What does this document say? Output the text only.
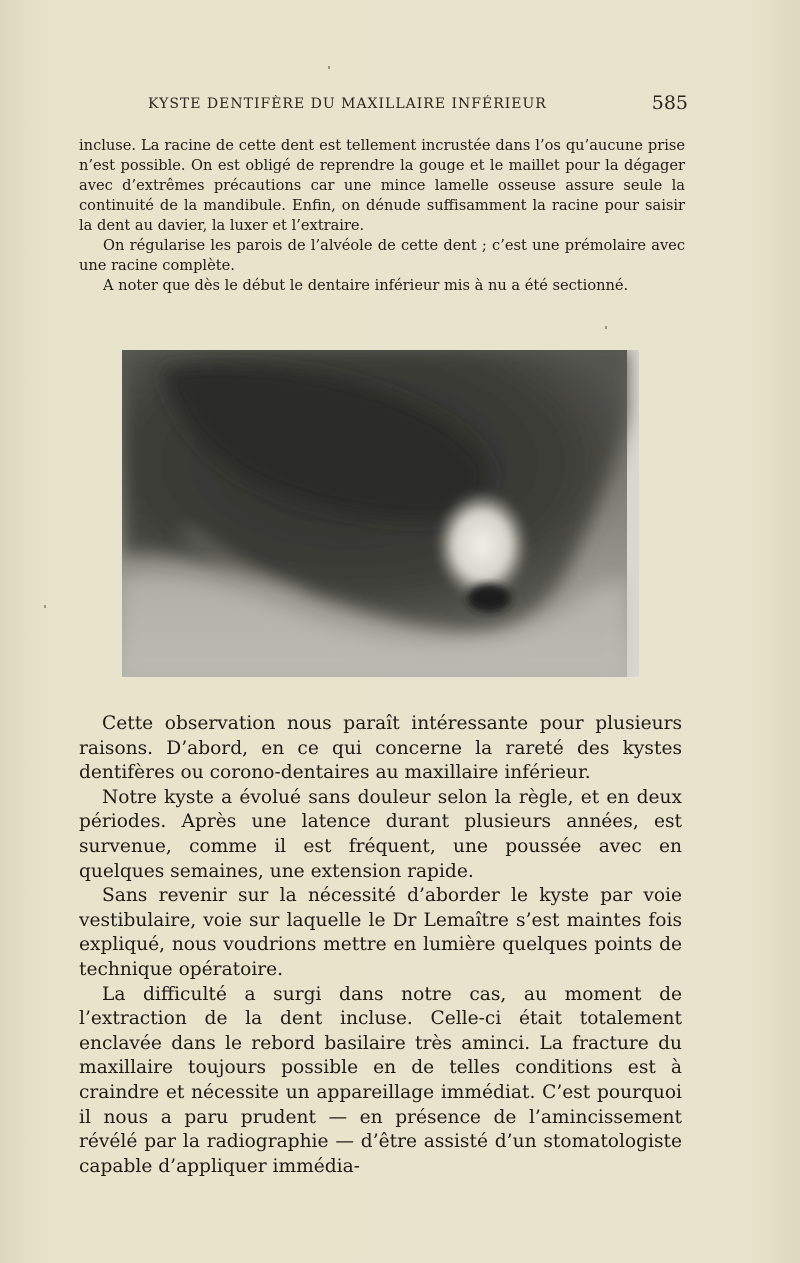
KYSTE DENTIFÈRE DU MAXILLAIRE INFÉRIEUR	585

incluse. La racine de cette dent est tellement incrustée dans l’os qu’aucune prise n’est possible. On est obligé de reprendre la gouge et le maillet pour la dégager avec d’extrêmes précautions car une mince lamelle osseuse assure seule la continuité de la mandibule. Enfin, on dénude suffisamment la racine pour saisir la dent au davier, la luxer et l’extraire.

On régularise les parois de l’alvéole de cette dent ; c’est une prémolaire avec une racine complète.

A noter que dès le début le dentaire inférieur mis à nu a été sectionné.

Cette observation nous paraît intéressante pour plusieurs raisons. D’abord, en ce qui concerne la rareté des kystes dentifères ou corono-dentaires au maxillaire inférieur.

Notre kyste a évolué sans douleur selon la règle, et en deux périodes. Après une latence durant plusieurs années, est survenue, comme il est fréquent, une poussée avec en quelques semaines, une extension rapide.

Sans revenir sur la nécessité d’aborder le kyste par voie vestibulaire, voie sur laquelle le Dr Lemaître s’est maintes fois expliqué, nous voudrions mettre en lumière quelques points de technique opératoire.

La difficulté a surgi dans notre cas, au moment de l’extraction de la dent incluse. Celle-ci était totalement enclavée dans le rebord basilaire très aminci. La fracture du maxillaire toujours possible en de telles conditions est à craindre et nécessite un appareillage immédiat. C’est pourquoi il nous a paru prudent — en présence de l’amincissement révélé par la radiographie — d’être assisté d’un stomatologiste capable d’appliquer immédia-
